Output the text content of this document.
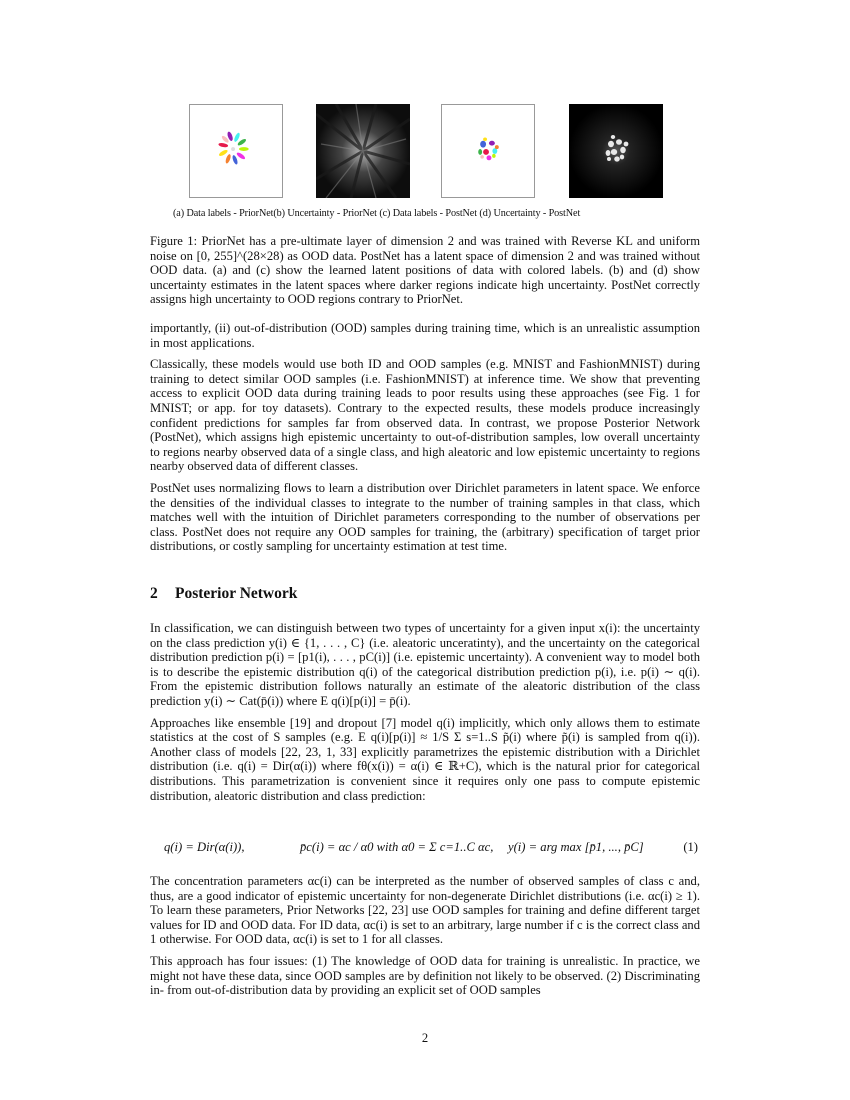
(a) Data labels - PriorNet(b) Uncertainty - PriorNet (c) Data labels - PostNet (d) Uncertainty - PostNet

Figure 1: PriorNet has a pre-ultimate layer of dimension 2 and was trained with Reverse KL and uniform noise on [0, 255]^(28×28) as OOD data. PostNet has a latent space of dimension 2 and was trained without OOD data. (a) and (c) show the learned latent positions of data with colored labels. (b) and (d) show uncertainty estimates in the latent spaces where darker regions indicate high uncertainty. PostNet correctly assigns high uncertainty to OOD regions contrary to PriorNet.

importantly, (ii) out-of-distribution (OOD) samples during training time, which is an unrealistic assumption in most applications.

Classically, these models would use both ID and OOD samples (e.g. MNIST and FashionMNIST) during training to detect similar OOD samples (i.e. FashionMNIST) at inference time. We show that preventing access to explicit OOD data during training leads to poor results using these approaches (see Fig. 1 for MNIST; or app. for toy datasets). Contrary to the expected results, these models produce increasingly confident predictions for samples far from observed data. In contrast, we propose Posterior Network (PostNet), which assigns high epistemic uncertainty to out-of-distribution samples, low overall uncertainty to regions nearby observed data of a single class, and high aleatoric and low epistemic uncertainty to regions nearby observed data of different classes.

PostNet uses normalizing flows to learn a distribution over Dirichlet parameters in latent space. We enforce the densities of the individual classes to integrate to the number of training samples in that class, which matches well with the intuition of Dirichlet parameters corresponding to the number of observations per class. PostNet does not require any OOD samples for training, the (arbitrary) specification of target prior distributions, or costly sampling for uncertainty estimation at test time.

2 Posterior Network

In classification, we can distinguish between two types of uncertainty for a given input x(i): the uncertainty on the class prediction y(i) ∈ {1, . . . , C} (i.e. aleatoric unceratinty), and the uncertainty on the categorical distribution prediction p(i) = [p1(i), . . . , pC(i)] (i.e. epistemic uncertainty). A convenient way to model both is to describe the epistemic distribution q(i) of the categorical distribution prediction p(i), i.e. p(i) ∼ q(i). From the epistemic distribution follows naturally an estimate of the aleatoric distribution of the class prediction y(i) ∼ Cat(p̄(i)) where E q(i)[p(i)] = p̄(i).

Approaches like ensemble [19] and dropout [7] model q(i) implicitly, which only allows them to estimate statistics at the cost of S samples (e.g. E q(i)[p(i)] ≈ 1/S Σ s=1..S p̃(i) where p̃(i) is sampled from q(i)). Another class of models [22, 23, 1, 33] explicitly parametrizes the epistemic distribution with a Dirichlet distribution (i.e. q(i) = Dir(α(i)) where fθ(x(i)) = α(i) ∈ ℝ+C), which is the natural prior for categorical distributions. This parametrization is convenient since it requires only one pass to compute epistemic distribution, aleatoric distribution and class prediction:

q(i) = Dir(α(i)),	p̄c(i) = αc / α0 with α0 = Σ c=1..C αc, y(i) = arg max [p̄1, ..., p̄C]	(1)

The concentration parameters αc(i) can be interpreted as the number of observed samples of class c and, thus, are a good indicator of epistemic uncertainty for non-degenerate Dirichlet distributions (i.e. αc(i) ≥ 1). To learn these parameters, Prior Networks [22, 23] use OOD samples for training and define different target values for ID and OOD data. For ID data, αc(i) is set to an arbitrary, large number if c is the correct class and 1 otherwise. For OOD data, αc(i) is set to 1 for all classes.

This approach has four issues: (1) The knowledge of OOD data for training is unrealistic. In practice, we might not have these data, since OOD samples are by definition not likely to be observed. (2) Discriminating in- from out-of-distribution data by providing an explicit set of OOD samples

2
